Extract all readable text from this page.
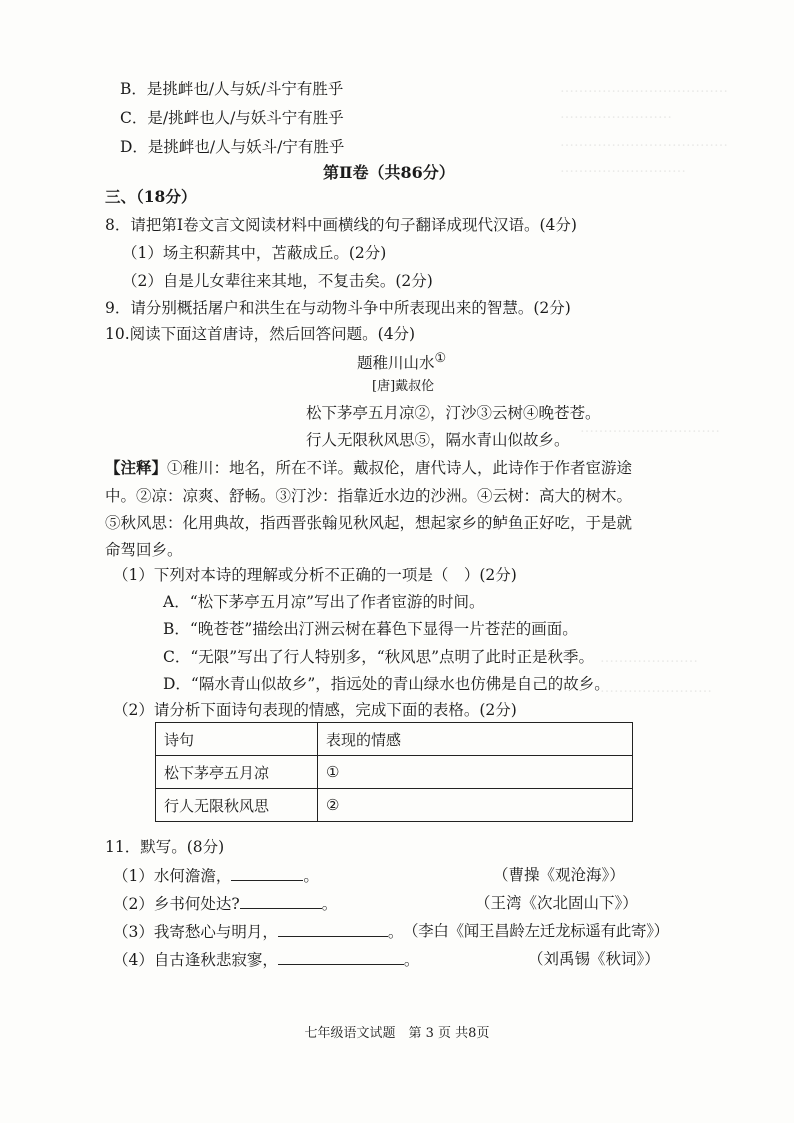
………………………………
……………………
………………………………
………………………
…………………………
…………………
……………………
B．是挑衅也/人与妖/斗宁有胜乎
C．是/挑衅也人/与妖斗宁有胜乎
D．是挑衅也/人与妖斗/宁有胜乎
第Ⅱ卷（共86分）
三、（18分）
8．请把第Ⅰ卷文言文阅读材料中画横线的句子翻译成现代汉语。(4分)
（1）场主积薪其中，苫蔽成丘。(2分)
（2）自是儿女辈往来其地，不复击矣。(2分)
9．请分别概括屠户和洪生在与动物斗争中所表现出来的智慧。(2分)
10.阅读下面这首唐诗，然后回答问题。(4分)
题稚川山水①
[唐]戴叔伦
松下茅亭五月凉②，汀沙③云树④晚苍苍。
行人无限秋风思⑤，隔水青山似故乡。
【注释】①稚川：地名，所在不详。戴叔伦，唐代诗人，此诗作于作者宦游途
中。②凉：凉爽、舒畅。③汀沙：指靠近水边的沙洲。④云树：高大的树木。
⑤秋风思：化用典故，指西晋张翰见秋风起，想起家乡的鲈鱼正好吃，于是就
命驾回乡。
（1）下列对本诗的理解或分析不正确的一项是（　）(2分)
A．“松下茅亭五月凉”写出了作者宦游的时间。
B．“晚苍苍”描绘出汀洲云树在暮色下显得一片苍茫的画面。
C．“无限”写出了行人特别多，“秋风思”点明了此时正是秋季。
D．“隔水青山似故乡”，指远处的青山绿水也仿佛是自己的故乡。
（2）请分析下面诗句表现的情感，完成下面的表格。(2分)
诗句	表现的情感
松下茅亭五月凉	①
行人无限秋风思	②
11．默写。(8分)
（1）水何澹澹，	。	（曹操《观沧海》）
（2）乡书何处达?	。	（王湾《次北固山下》）
（3）我寄愁心与明月，	。 （李白《闻王昌龄左迁龙标遥有此寄》）
（4）自古逢秋悲寂寥，	。	（刘禹锡《秋词》）
七年级语文试题　第 3 页 共8页
